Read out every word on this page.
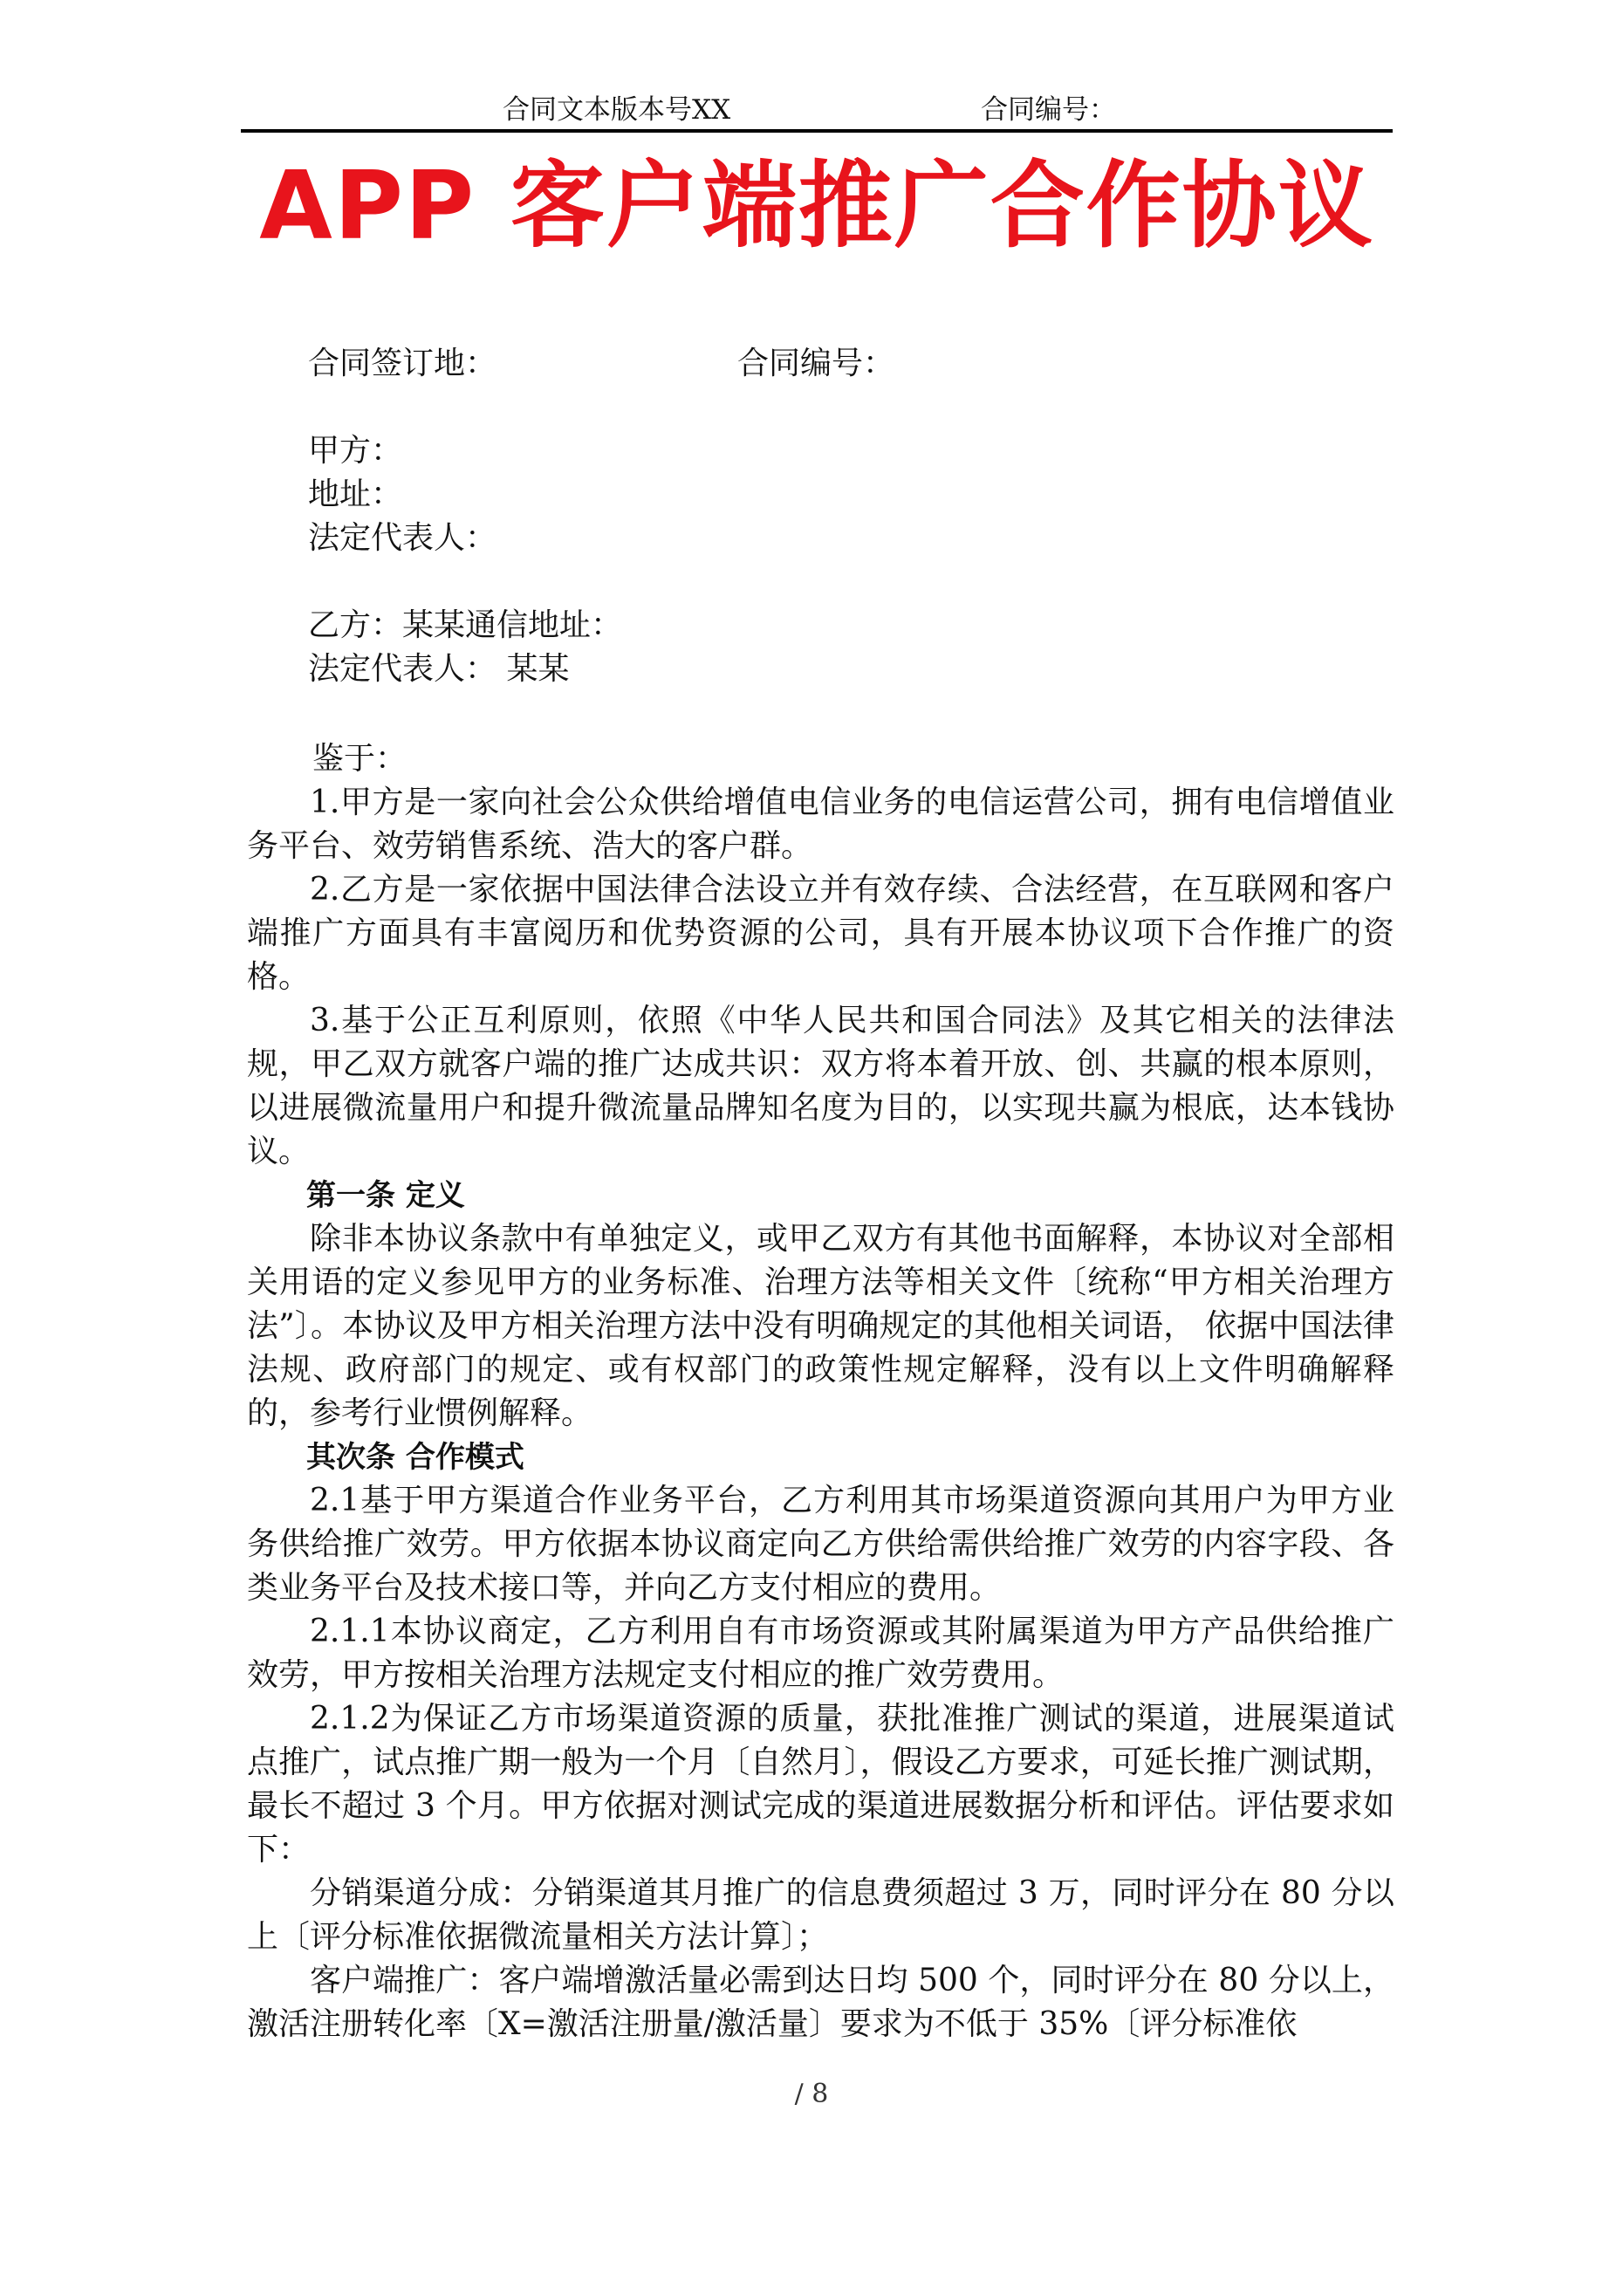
合同文本版本号XX	合同编号：
APP 客户端推广合作协议
合同签订地：	合同编号：
甲方：
地址：
法定代表人：
乙方：某某通信地址：
法定代表人： 某某
鉴于：

1.甲方是一家向社会公众供给增值电信业务的电信运营公司，拥有电信增值业务平台、效劳销售系统、浩大的客户群。

2.乙方是一家依据中国法律合法设立并有效存续、合法经营，在互联网和客户端推广方面具有丰富阅历和优势资源的公司，具有开展本协议项下合作推广的资格。

3.基于公正互利原则，依照《中华人民共和国合同法》及其它相关的法律法规，甲乙双方就客户端的推广达成共识：双方将本着开放、创、共赢的根本原则，以进展微流量用户和提升微流量品牌知名度为目的，以实现共赢为根底，达本钱协议。

第一条 定义

除非本协议条款中有单独定义，或甲乙双方有其他书面解释，本协议对全部相关用语的定义参见甲方的业务标准、治理方法等相关文件〔统称“甲方相关治理方法”〕。本协议及甲方相关治理方法中没有明确规定的其他相关词语， 依据中国法律法规、政府部门的规定、或有权部门的政策性规定解释，没有以上文件明确解释的，参考行业惯例解释。

其次条 合作模式

2.1基于甲方渠道合作业务平台，乙方利用其市场渠道资源向其用户为甲方业务供给推广效劳。甲方依据本协议商定向乙方供给需供给推广效劳的内容字段、各类业务平台及技术接口等，并向乙方支付相应的费用。

2.1.1本协议商定，乙方利用自有市场资源或其附属渠道为甲方产品供给推广效劳，甲方按相关治理方法规定支付相应的推广效劳费用。

2.1.2为保证乙方市场渠道资源的质量，获批准推广测试的渠道，进展渠道试点推广，试点推广期一般为一个月〔自然月〕，假设乙方要求，可延长推广测试期，最长不超过 3 个月。甲方依据对测试完成的渠道进展数据分析和评估。评估要求如下：

分销渠道分成：分销渠道其月推广的信息费须超过 3 万，同时评分在 80 分以上〔评分标准依据微流量相关方法计算〕；

客户端推广：客户端增激活量必需到达日均 500 个，同时评分在 80 分以上，激活注册转化率〔X=激活注册量/激活量〕要求为不低于 35%〔评分标准依

/ 8
